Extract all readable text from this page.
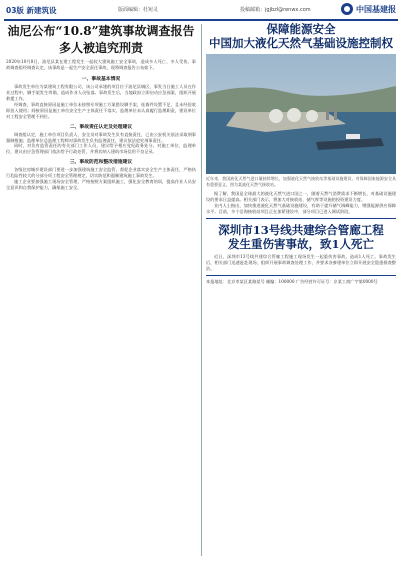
03版 新建筑设	版面编辑：杜宛灵	投稿邮箱：jgjbzl@renwx.com	中国基建报
油尼公布“10.8”建筑事故调查报告
多人被追究刑责

2020年10月8日，油尼县某在建工程发生一起较大建筑施工安全事故，造成多人死亡、多人受伤。事故调查组经调查认定，该事故是一起生产安全责任事故，现将调查报告公布如下。

一、事故基本情况

事故发生单位为某建筑工程有限公司，该公司承建的项目位于油尼县城区，事发当日施工人员在作业过程中，脚手架发生坍塌，造成作业人员坠落。事故发生后，当地政府立即启动应急预案，组织开展救援工作。

经调查，事故直接原因是施工单位未按照专项施工方案搭设脚手架，连墙件设置不足，且未经验收即投入使用；间接原因是施工单位安全生产主体责任不落实，监理单位未认真履行监理职责，建设单位对工程安全管理不到位。

二、事故责任认定及处理建议

调查组认定，施工单位项目负责人、安全员对事故发生负有直接责任，已由公安机关依法采取刑事强制措施；监理单位总监理工程师对事故发生负有监理责任，建议依法追究刑事责任。

同时，对负有监管责任的有关部门工作人员，建议给予相应党纪政务处分。对施工单位、监理单位，建议由应急管理部门依法给予行政处罚，并将其纳入建筑市场信用不良记录。

三、事故防范和整改措施建议

各级住房城乡建设部门要进一步加强建筑施工安全监管，督促企业落实安全生产主体责任，严格执行危险性较大的分部分项工程安全管理规定，切实防范和遏制建筑施工事故发生。

施工企业要加强施工现场安全管理，严格按照方案组织施工，强化安全教育培训，提高作业人员安全意识和自我保护能力，确保施工安全。

保障能源安全
中国加大液化天然气基础设施控制权

近年来，我国液化天然气进口量持续增长，加强液化天然气接收站等基础设施建设，对保障国家能源安全具有重要意义。图为某液化天然气接收站。

据了解，我国是全球最大的液化天然气进口国之一，随着天然气消费需求不断增长，对基础设施建设的要求日益提高。相关部门表示，将加大对接收站、储气库等设施的投资建设力度。

业内人士指出，加快推进液化天然气基础设施建设，有助于提升储气调峰能力，增强能源供应保障水平。目前，多个沿海接收站项目正在加紧建设中，部分项目已进入调试阶段。

深圳市13号线共建综合管廊工程
发生重伤害事故，致1人死亡

近日，深圳市13号线共建综合管廊工程施工现场发生一起重伤害事故，造成1人死亡。事故发生后，相关部门迅速赶赴现场，组织开展事故调查处理工作，并要求各参建单位立即开展安全隐患排查整治。

本报地址：北京市某区某路某号 邮编：100000 广告经营许可证号：京某工商广字第0000号
